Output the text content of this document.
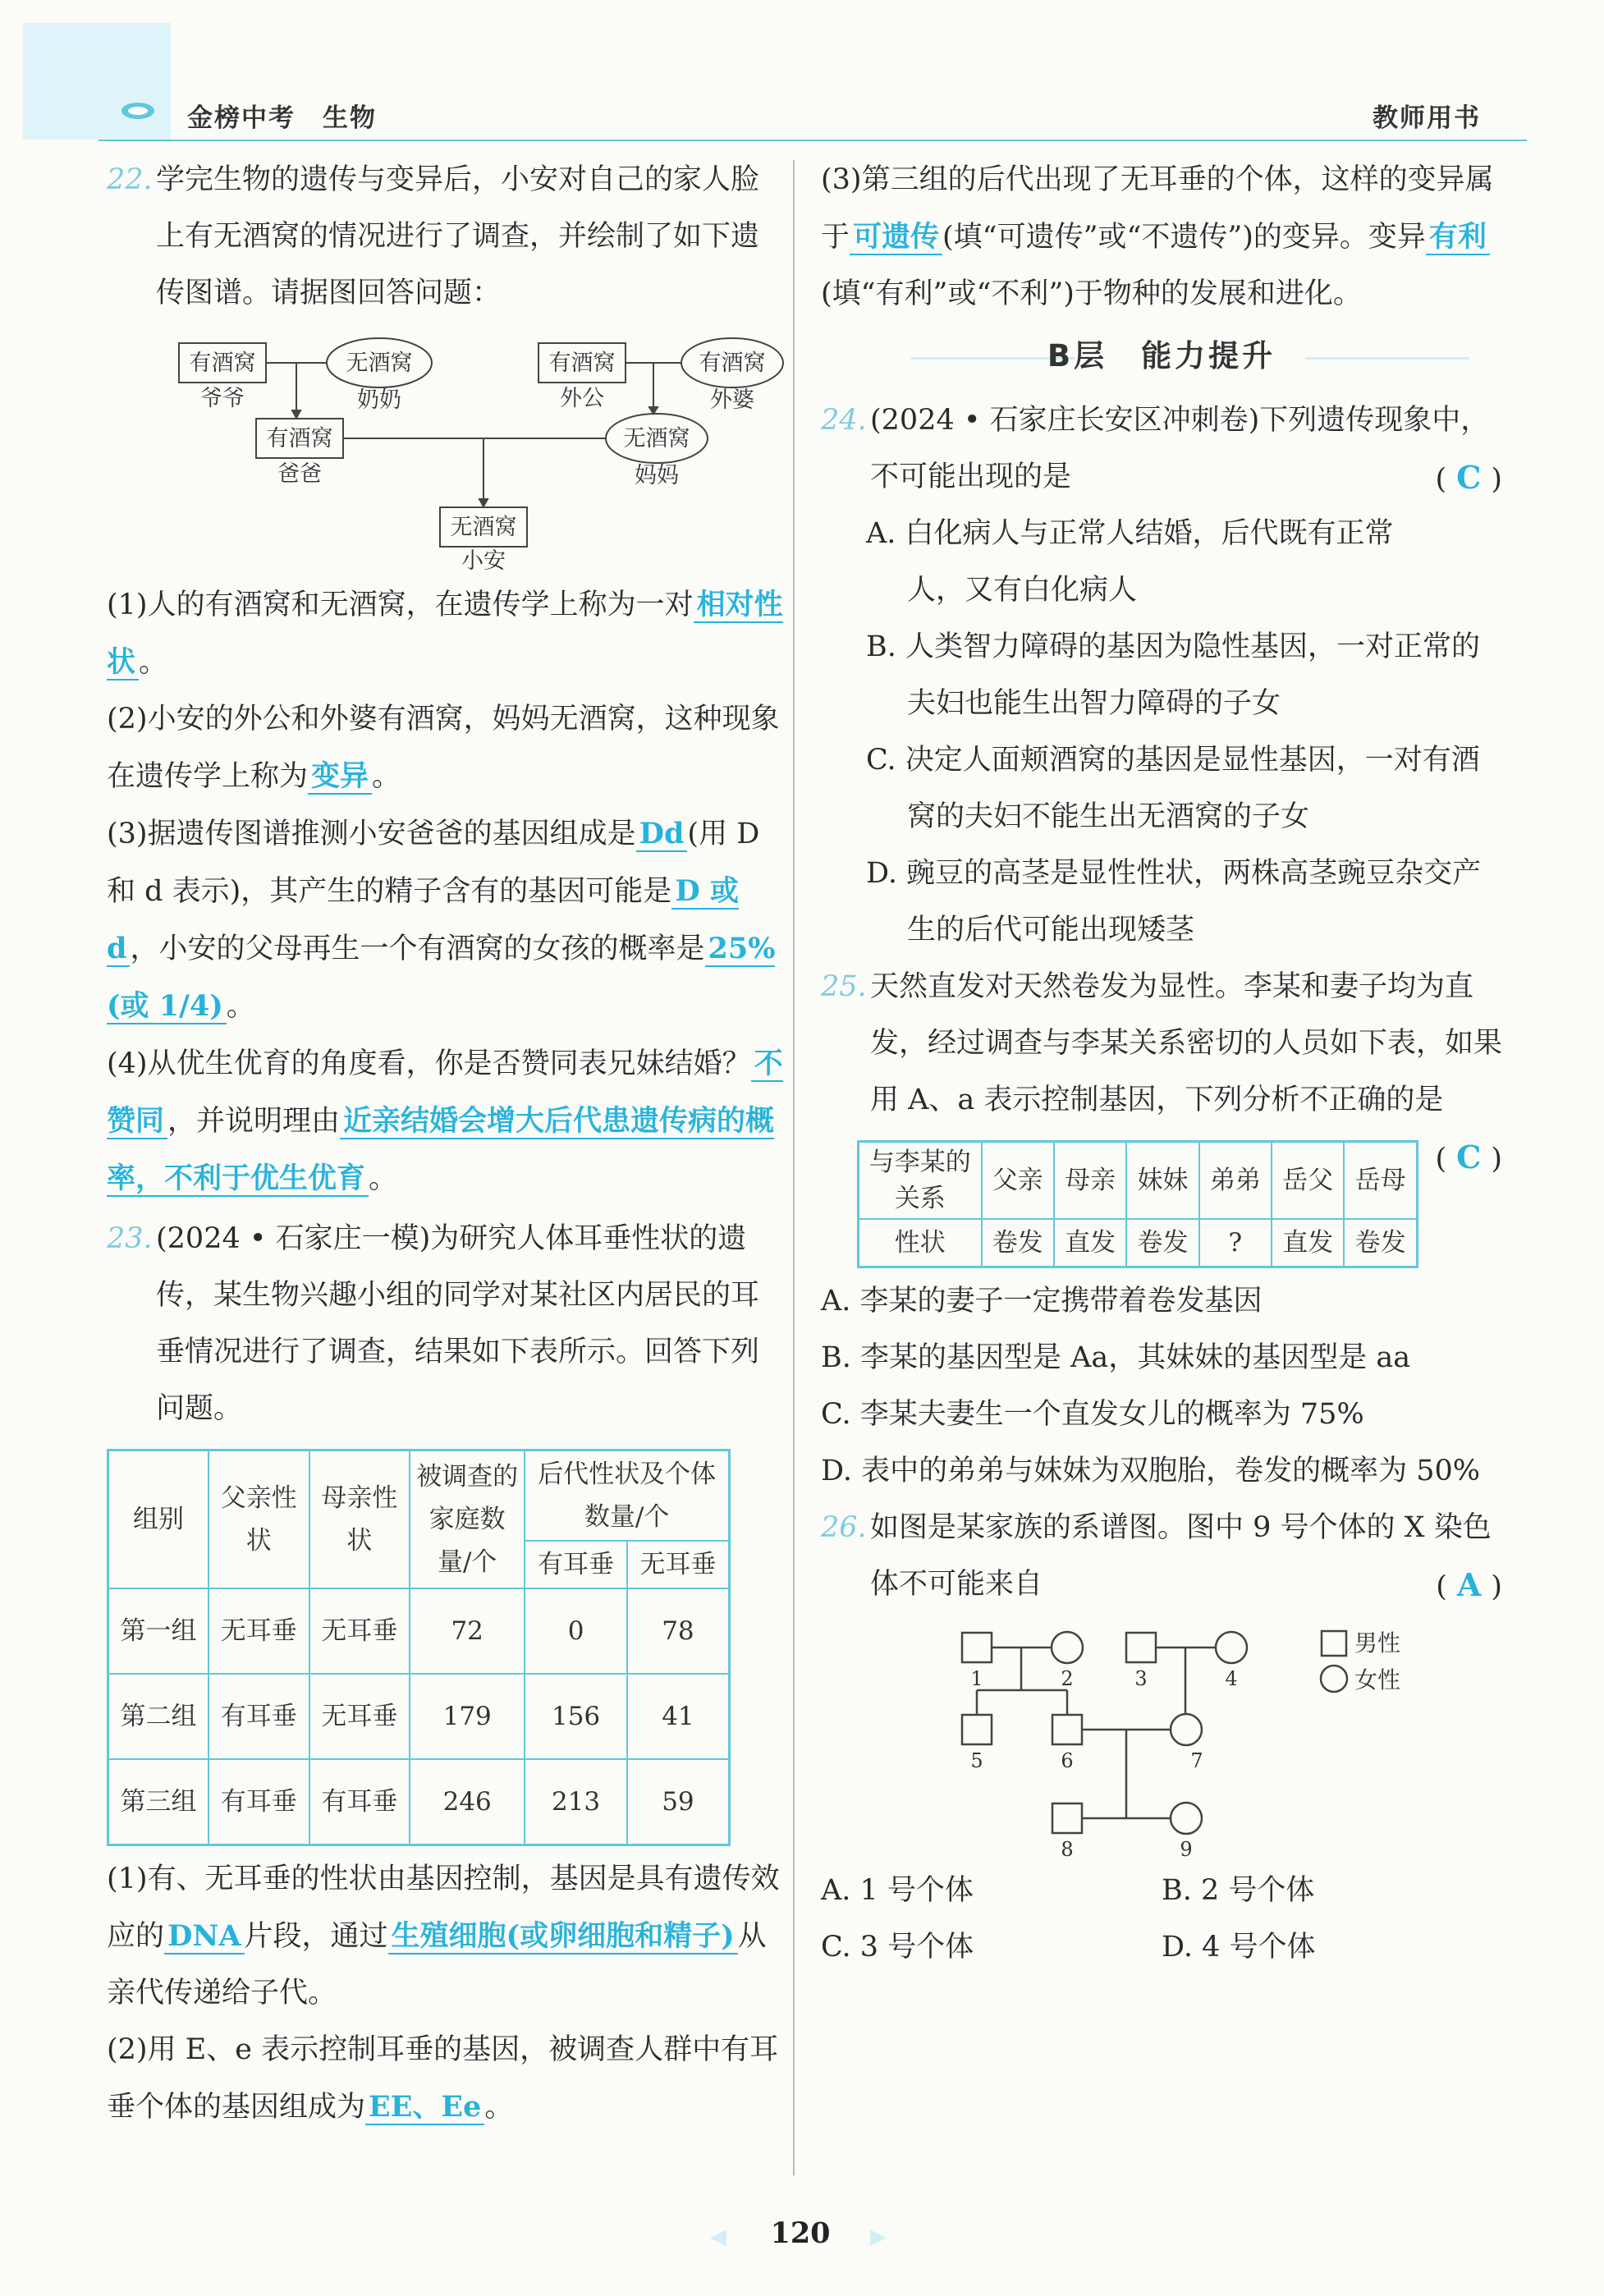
金榜中考　生物	教师用书
22. 学完生物的遗传与变异后，小安对自己的家人脸上有无酒窝的情况进行了调查，并绘制了如下遗传图谱。请据图回答问题：
有酒窝
爷爷
无酒窝
奶奶
有酒窝
外公
有酒窝
外婆
有酒窝
爸爸
无酒窝
妈妈
无酒窝
小安
(1)人的有酒窝和无酒窝，在遗传学上称为一对 相对性状 。
(2)小安的外公和外婆有酒窝，妈妈无酒窝，这种现象在遗传学上称为 变异 。
(3)据遗传图谱推测小安爸爸的基因组成是 Dd (用 D 和 d 表示)，其产生的精子含有的基因可能是 D 或 d ，小安的父母再生一个有酒窝的女孩的概率是 25%(或 1/4) 。
(4)从优生优育的角度看，你是否赞同表兄妹结婚？ 不赞同 ，并说明理由 近亲结婚会增大后代患遗传病的概率，不利于优生优育 。
23. (2024 • 石家庄一模)为研究人体耳垂性状的遗传，某生物兴趣小组的同学对某社区内居民的耳垂情况进行了调查，结果如下表所示。回答下列问题。
组别	父亲性状	母亲性状	被调查的家庭数量/个	后代性状及个体数量/个	
				有耳垂	无耳垂
第一组	无耳垂	无耳垂	72	0	78
第二组	有耳垂	无耳垂	179	156	41
第三组	有耳垂	有耳垂	246	213	59
(1)有、无耳垂的性状由基因控制，基因是具有遗传效应的 DNA 片段，通过 生殖细胞(或卵细胞和精子) 从亲代传递给子代。
(2)用 E、e 表示控制耳垂的基因，被调查人群中有耳垂个体的基因组成为 EE、Ee 。
(3)第三组的后代出现了无耳垂的个体，这样的变异属于 可遗传 (填“可遗传”或“不遗传”)的变异。变异 有利(填“有利”或“不利”)于物种的发展和进化。
B层　能力提升
24. (2024 • 石家庄长安区冲刺卷)下列遗传现象中，不可能出现的是	( C )
A. 白化病人与正常人结婚，后代既有正常人，又有白化病人
B. 人类智力障碍的基因为隐性基因，一对正常的夫妇也能生出智力障碍的子女
C. 决定人面颊酒窝的基因是显性基因，一对有酒窝的夫妇不能生出无酒窝的子女
D. 豌豆的高茎是显性性状，两株高茎豌豆杂交产生的后代可能出现矮茎
25. 天然直发对天然卷发为显性。李某和妻子均为直发，经过调查与李某关系密切的人员如下表，如果用 A、a 表示控制基因，下列分析不正确的是
( C )
与李某的关系	父亲	母亲	妹妹	弟弟	岳父	岳母
性状	卷发	直发	卷发	?	直发	卷发
A. 李某的妻子一定携带着卷发基因
B. 李某的基因型是 Aa，其妹妹的基因型是 aa
C. 李某夫妻生一个直发女儿的概率为 75%
D. 表中的弟弟与妹妹为双胞胎，卷发的概率为 50%
26. 如图是某家族的系谱图。图中 9 号个体的 X 染色体不可能来自	( A )
1	2	3	4
5	6	7
8	9
男性
女性
A. 1 号个体	B. 2 号个体
C. 3 号个体	D. 4 号个体
◀	120	▶
